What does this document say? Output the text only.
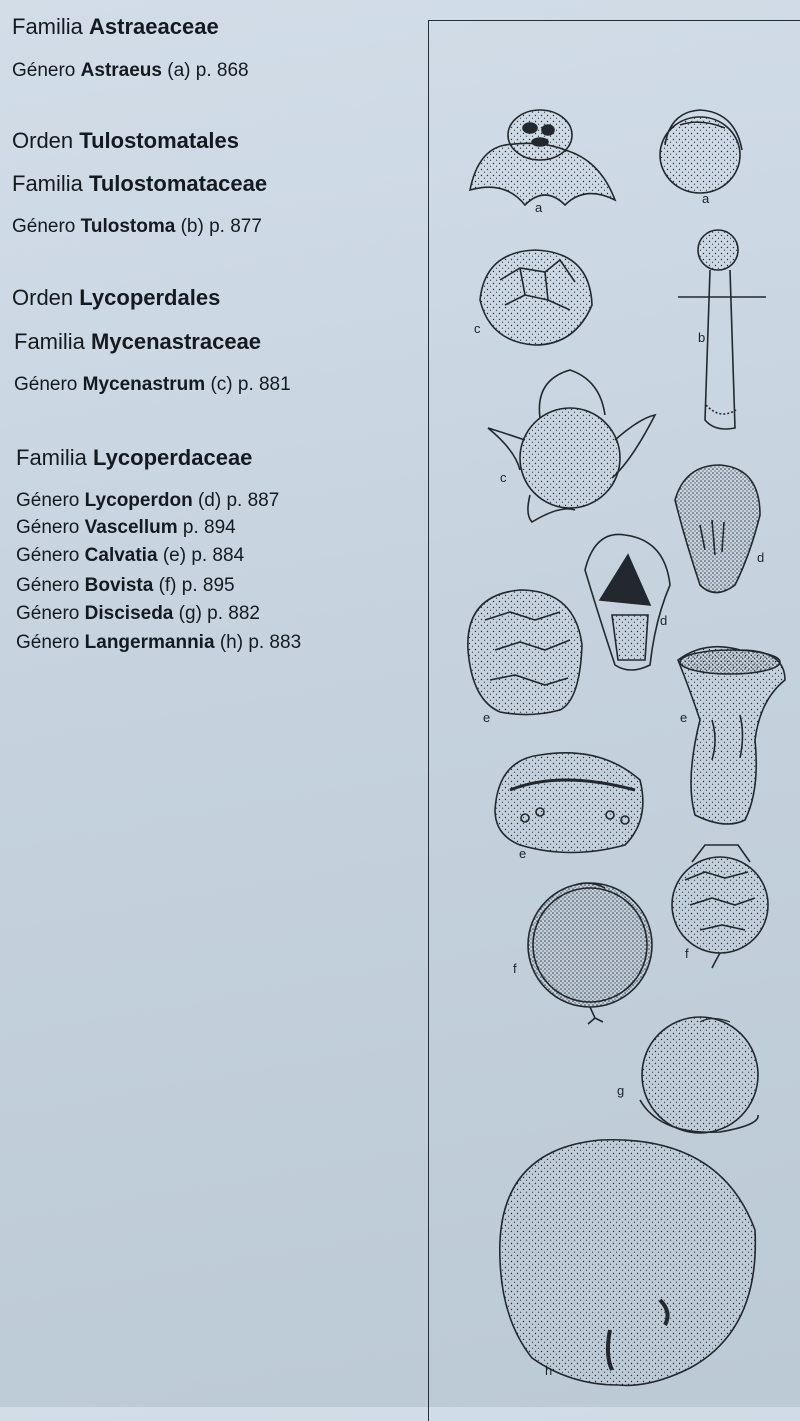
Familia Astraeaceae
Género Astraeus (a) p. 868
Orden Tulostomatales
Familia Tulostomataceae
Género Tulostoma (b) p. 877
Orden Lycoperdales
Familia Mycenastraceae
Género Mycenastrum (c) p. 881
Familia Lycoperdaceae
Género Lycoperdon (d) p. 887
Género Vascellum p. 894
Género Calvatia (e) p. 884
Género Bovista (f) p. 895
Género Disciseda (g) p. 882
Género Langermannia (h) p. 883
a
a
c
b
c
d
d
e	e
e
f
f
g
h
